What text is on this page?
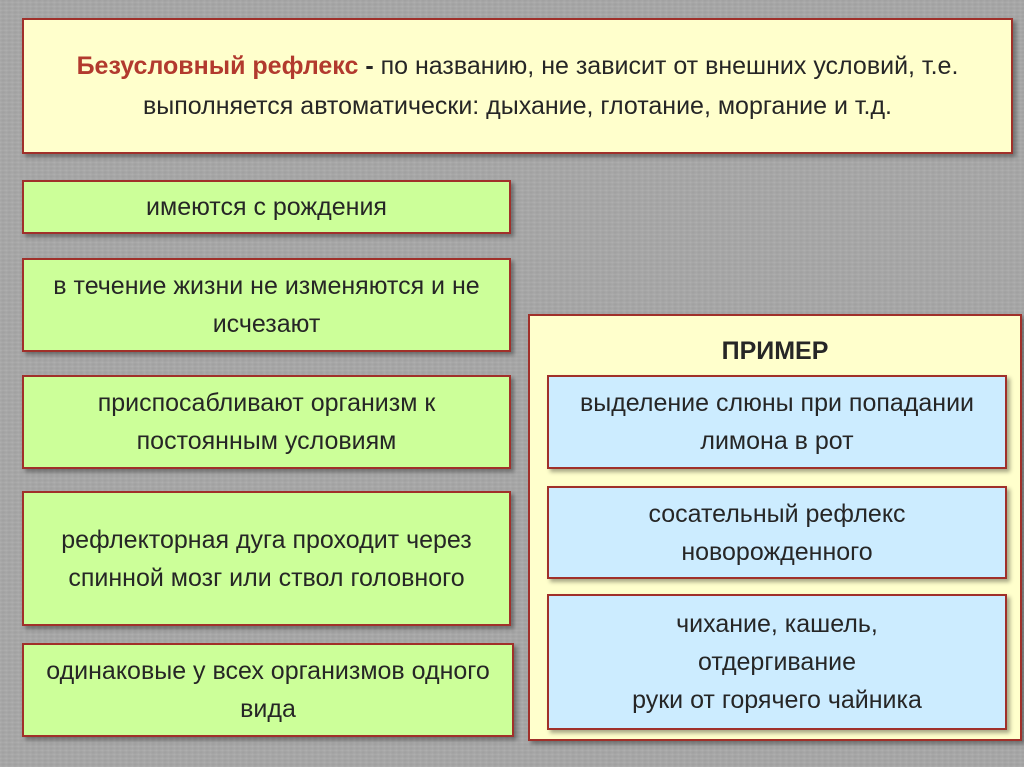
Безусловный рефлекс - по названию, не зависит от внешних условий, т.е. выполняется автоматически: дыхание, глотание, моргание и т.д.
имеются с рождения
в течение жизни не изменяются и не исчезают
приспосабливают организм к постоянным условиям
рефлекторная дуга проходит через спинной мозг или ствол головного
одинаковые у всех организмов одного вида
ПРИМЕР
выделение слюны при попадании лимона в рот
сосательный рефлекс новорожденного
чихание, кашель,
отдергивание
руки от горячего чайника
